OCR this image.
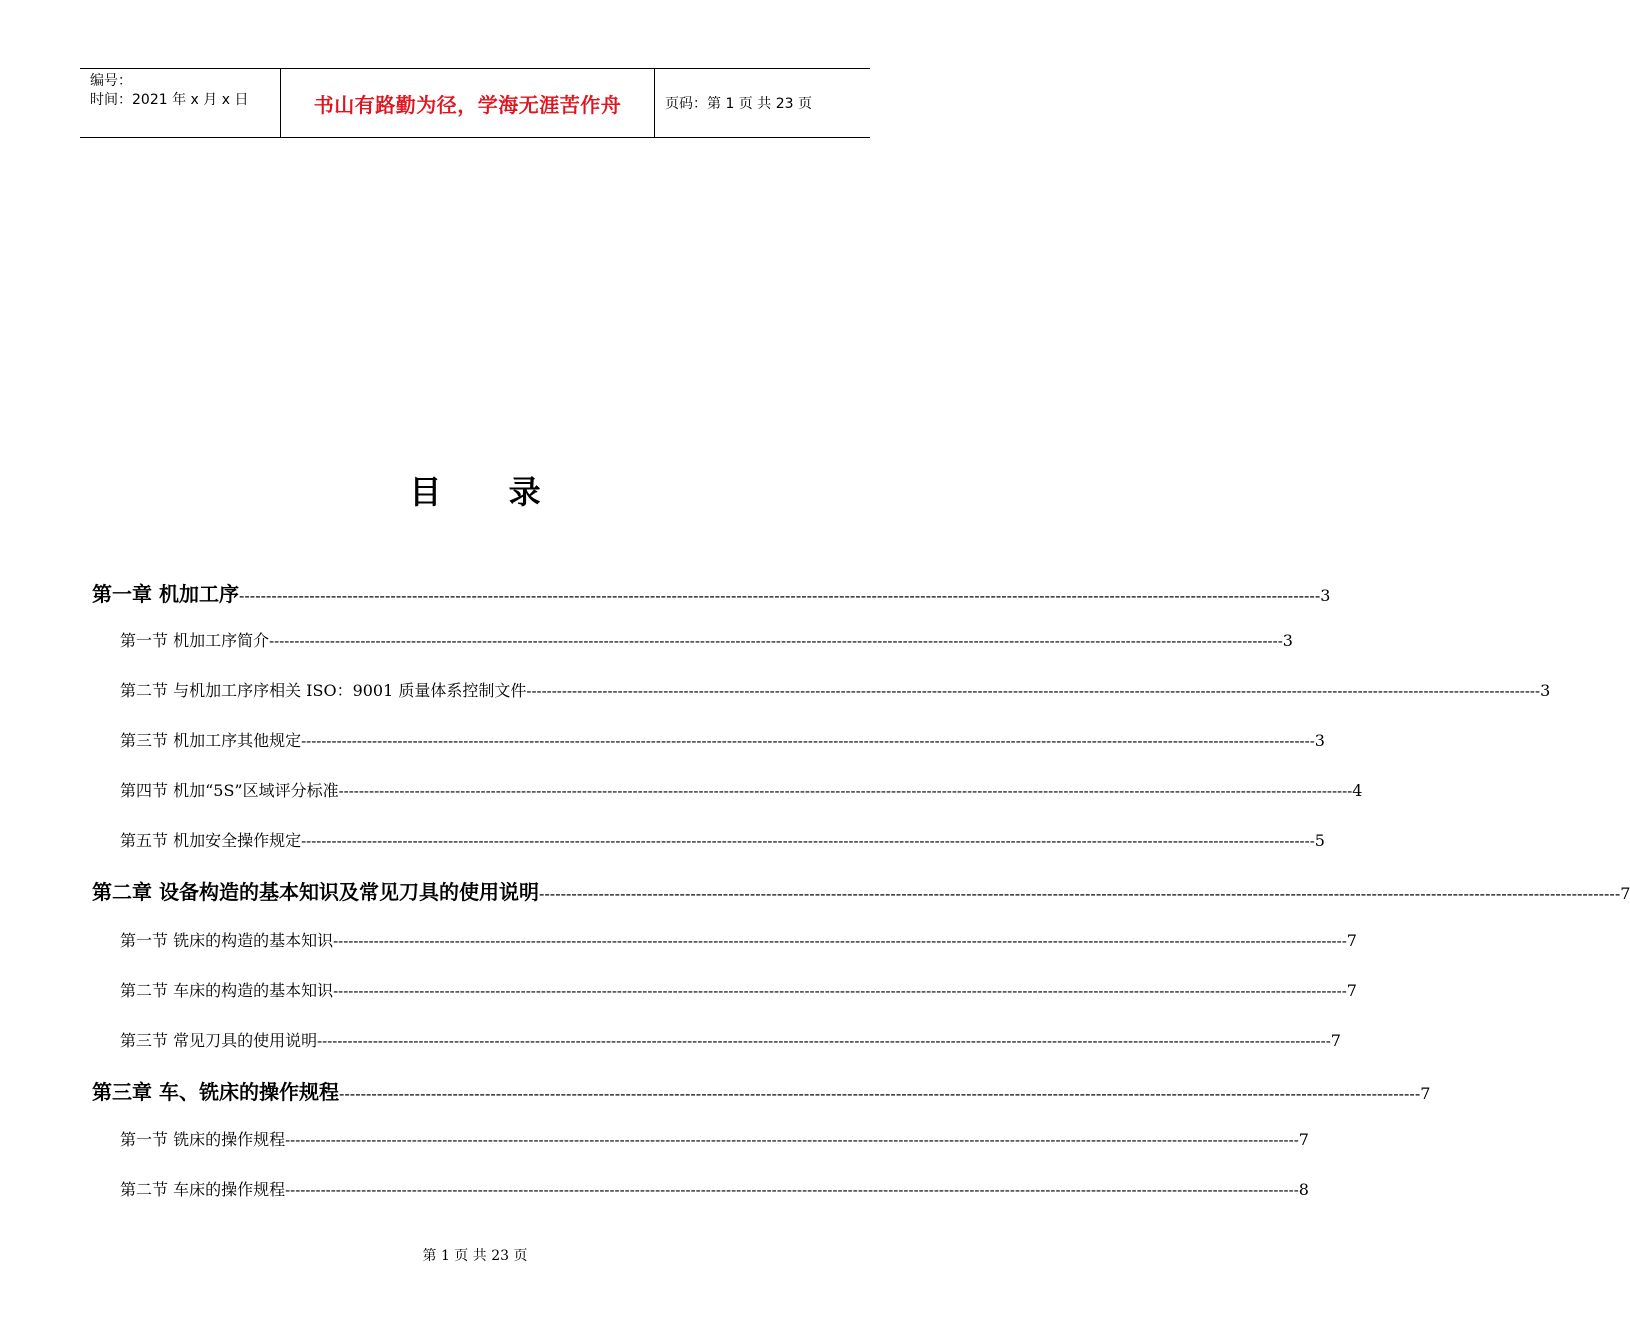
编号：
时间：2021 年 x 月 x 日	书山有路勤为径，学海无涯苦作舟	页码：第 1 页 共 23 页
目 录
第一章 机加工序 -------------------------------------------------------------------------------------------------------------------------------------------------------------------------------------------------------- 3
第一节 机加工序简介 -------------------------------------------------------------------------------------------------------------------------------------------------------------------------------------------------------- 3
第二节 与机加工序序相关 ISO：9001 质量体系控制文件 -------------------------------------------------------------------------------------------------------------------------------------------------------------------------------------------------------- 3
第三节 机加工序其他规定 -------------------------------------------------------------------------------------------------------------------------------------------------------------------------------------------------------- 3
第四节 机加“5S”区域评分标准 -------------------------------------------------------------------------------------------------------------------------------------------------------------------------------------------------------- 4
第五节 机加安全操作规定 -------------------------------------------------------------------------------------------------------------------------------------------------------------------------------------------------------- 5
第二章 设备构造的基本知识及常见刀具的使用说明 -------------------------------------------------------------------------------------------------------------------------------------------------------------------------------------------------------- 7
第一节 铣床的构造的基本知识 -------------------------------------------------------------------------------------------------------------------------------------------------------------------------------------------------------- 7
第二节 车床的构造的基本知识 -------------------------------------------------------------------------------------------------------------------------------------------------------------------------------------------------------- 7
第三节 常见刀具的使用说明 -------------------------------------------------------------------------------------------------------------------------------------------------------------------------------------------------------- 7
第三章 车、铣床的操作规程 -------------------------------------------------------------------------------------------------------------------------------------------------------------------------------------------------------- 7
第一节 铣床的操作规程 -------------------------------------------------------------------------------------------------------------------------------------------------------------------------------------------------------- 7
第二节 车床的操作规程 -------------------------------------------------------------------------------------------------------------------------------------------------------------------------------------------------------- 8
第 1 页 共 23 页
